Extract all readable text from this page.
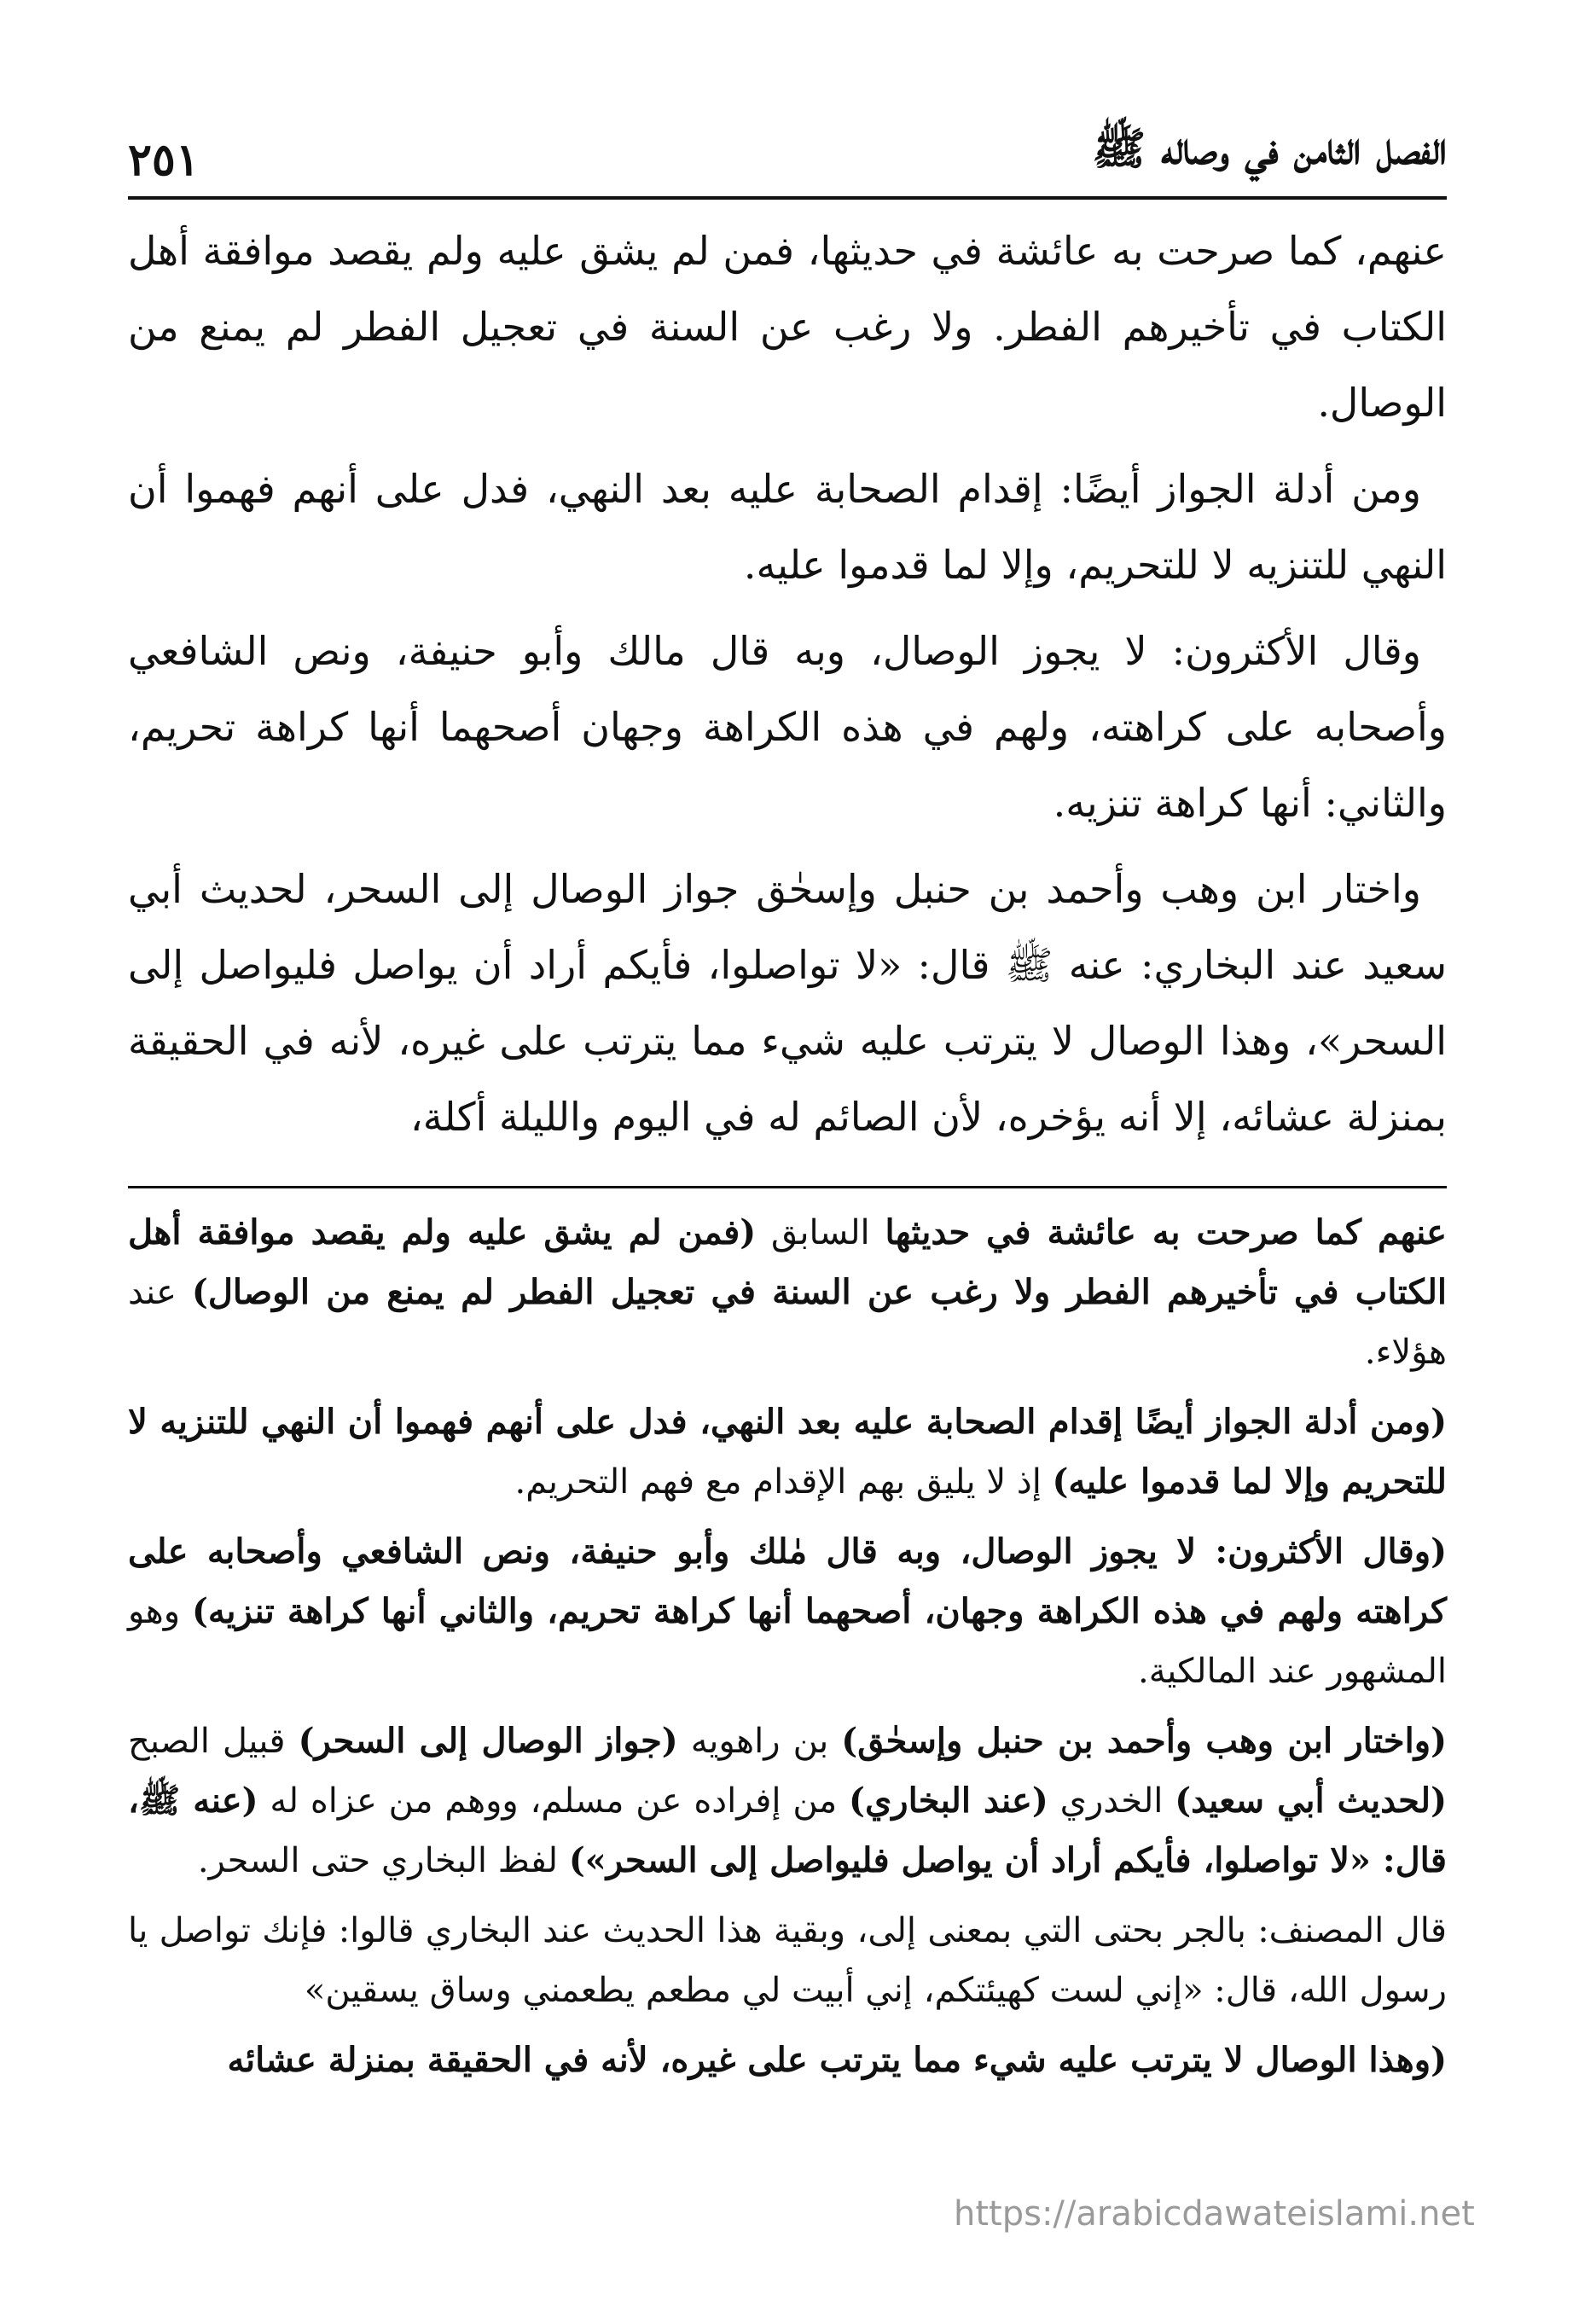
الفصل الثامن في وصاله ﷺ
٢٥١

عنهم، كما صرحت به عائشة في حديثها، فمن لم يشق عليه ولم يقصد موافقة أهل الكتاب في تأخيرهم الفطر. ولا رغب عن السنة في تعجيل الفطر لم يمنع من الوصال.

ومن أدلة الجواز أيضًا: إقدام الصحابة عليه بعد النهي، فدل على أنهم فهموا أن النهي للتنزيه لا للتحريم، وإلا لما قدموا عليه.

وقال الأكثرون: لا يجوز الوصال، وبه قال مالك وأبو حنيفة، ونص الشافعي وأصحابه على كراهته، ولهم في هذه الكراهة وجهان أصحهما أنها كراهة تحريم، والثاني: أنها كراهة تنزيه.

واختار ابن وهب وأحمد بن حنبل وإسحٰق جواز الوصال إلى السحر، لحديث أبي سعيد عند البخاري: عنه ﷺ قال: «لا تواصلوا، فأيكم أراد أن يواصل فليواصل إلى السحر»، وهذا الوصال لا يترتب عليه شيء مما يترتب على غيره، لأنه في الحقيقة بمنزلة عشائه، إلا أنه يؤخره، لأن الصائم له في اليوم والليلة أكلة،

عنهم كما صرحت به عائشة في حديثها السابق (فمن لم يشق عليه ولم يقصد موافقة أهل الكتاب في تأخيرهم الفطر ولا رغب عن السنة في تعجيل الفطر لم يمنع من الوصال) عند هؤلاء.

(ومن أدلة الجواز أيضًا إقدام الصحابة عليه بعد النهي، فدل على أنهم فهموا أن النهي للتنزيه لا للتحريم وإلا لما قدموا عليه) إذ لا يليق بهم الإقدام مع فهم التحريم.

(وقال الأكثرون: لا يجوز الوصال، وبه قال مٰلك وأبو حنيفة، ونص الشافعي وأصحابه على كراهته ولهم في هذه الكراهة وجهان، أصحهما أنها كراهة تحريم، والثاني أنها كراهة تنزيه) وهو المشهور عند المالكية.

(واختار ابن وهب وأحمد بن حنبل وإسحٰق) بن راهويه (جواز الوصال إلى السحر) قبيل الصبح (لحديث أبي سعيد) الخدري (عند البخاري) من إفراده عن مسلم، ووهم من عزاه له (عنه ﷺ، قال: «لا تواصلوا، فأيكم أراد أن يواصل فليواصل إلى السحر») لفظ البخاري حتى السحر.

قال المصنف: بالجر بحتى التي بمعنى إلى، وبقية هذا الحديث عند البخاري قالوا: فإنك تواصل يا رسول الله، قال: «إني لست كهيئتكم، إني أبيت لي مطعم يطعمني وساق يسقين»

(وهذا الوصال لا يترتب عليه شيء مما يترتب على غيره، لأنه في الحقيقة بمنزلة عشائه

https://arabicdawateislami.net
